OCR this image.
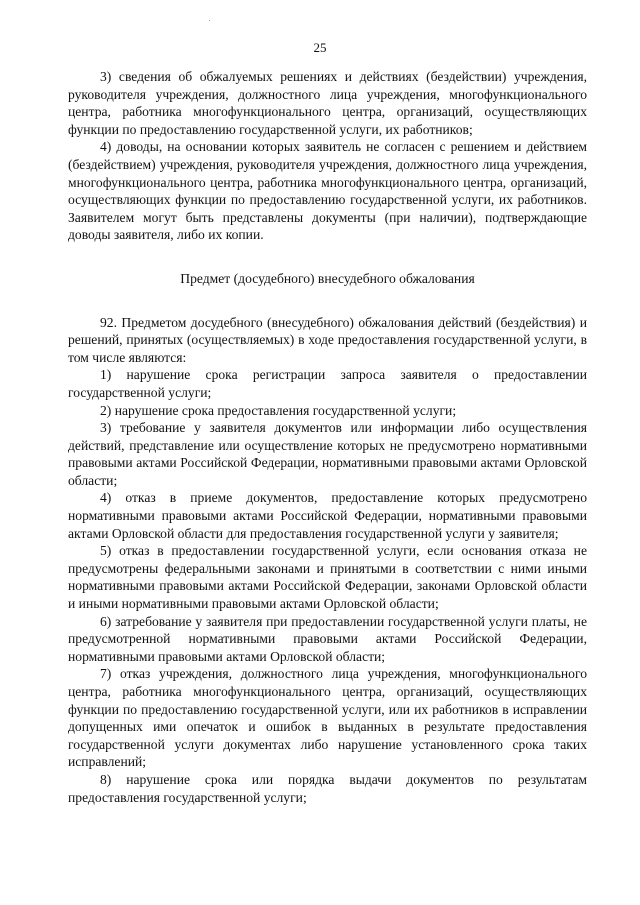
25

3) сведения об обжалуемых решениях и действиях (бездействии) учреждения, руководителя учреждения, должностного лица учреждения, многофункционального центра, работника многофункционального центра, организаций, осуществляющих функции по предоставлению государственной услуги, их работников;

4) доводы, на основании которых заявитель не согласен с решением и действием (бездействием) учреждения, руководителя учреждения, должностного лица учреждения, многофункционального центра, работника многофункционального центра, организаций, осуществляющих функции по предоставлению государственной услуги, их работников. Заявителем могут быть представлены документы (при наличии), подтверждающие доводы заявителя, либо их копии.

Предмет (досудебного) внесудебного обжалования

92. Предметом досудебного (внесудебного) обжалования действий (бездействия) и решений, принятых (осуществляемых) в ходе предоставления государственной услуги, в том числе являются:

1) нарушение срока регистрации запроса заявителя о предоставлении государственной услуги;

2) нарушение срока предоставления государственной услуги;

3) требование у заявителя документов или информации либо осуществления действий, представление или осуществление которых не предусмотрено нормативными правовыми актами Российской Федерации, нормативными правовыми актами Орловской области;

4) отказ в приеме документов, предоставление которых предусмотрено нормативными правовыми актами Российской Федерации, нормативными правовыми актами Орловской области для предоставления государственной услуги у заявителя;

5) отказ в предоставлении государственной услуги, если основания отказа не предусмотрены федеральными законами и принятыми в соответствии с ними иными нормативными правовыми актами Российской Федерации, законами Орловской области и иными нормативными правовыми актами Орловской области;

6) затребование у заявителя при предоставлении государственной услуги платы, не предусмотренной нормативными правовыми актами Российской Федерации, нормативными правовыми актами Орловской области;

7) отказ учреждения, должностного лица учреждения, многофункционального центра, работника многофункционального центра, организаций, осуществляющих функции по предоставлению государственной услуги, или их работников в исправлении допущенных ими опечаток и ошибок в выданных в результате предоставления государственной услуги документах либо нарушение установленного срока таких исправлений;

8) нарушение срока или порядка выдачи документов по результатам предоставления государственной услуги;
